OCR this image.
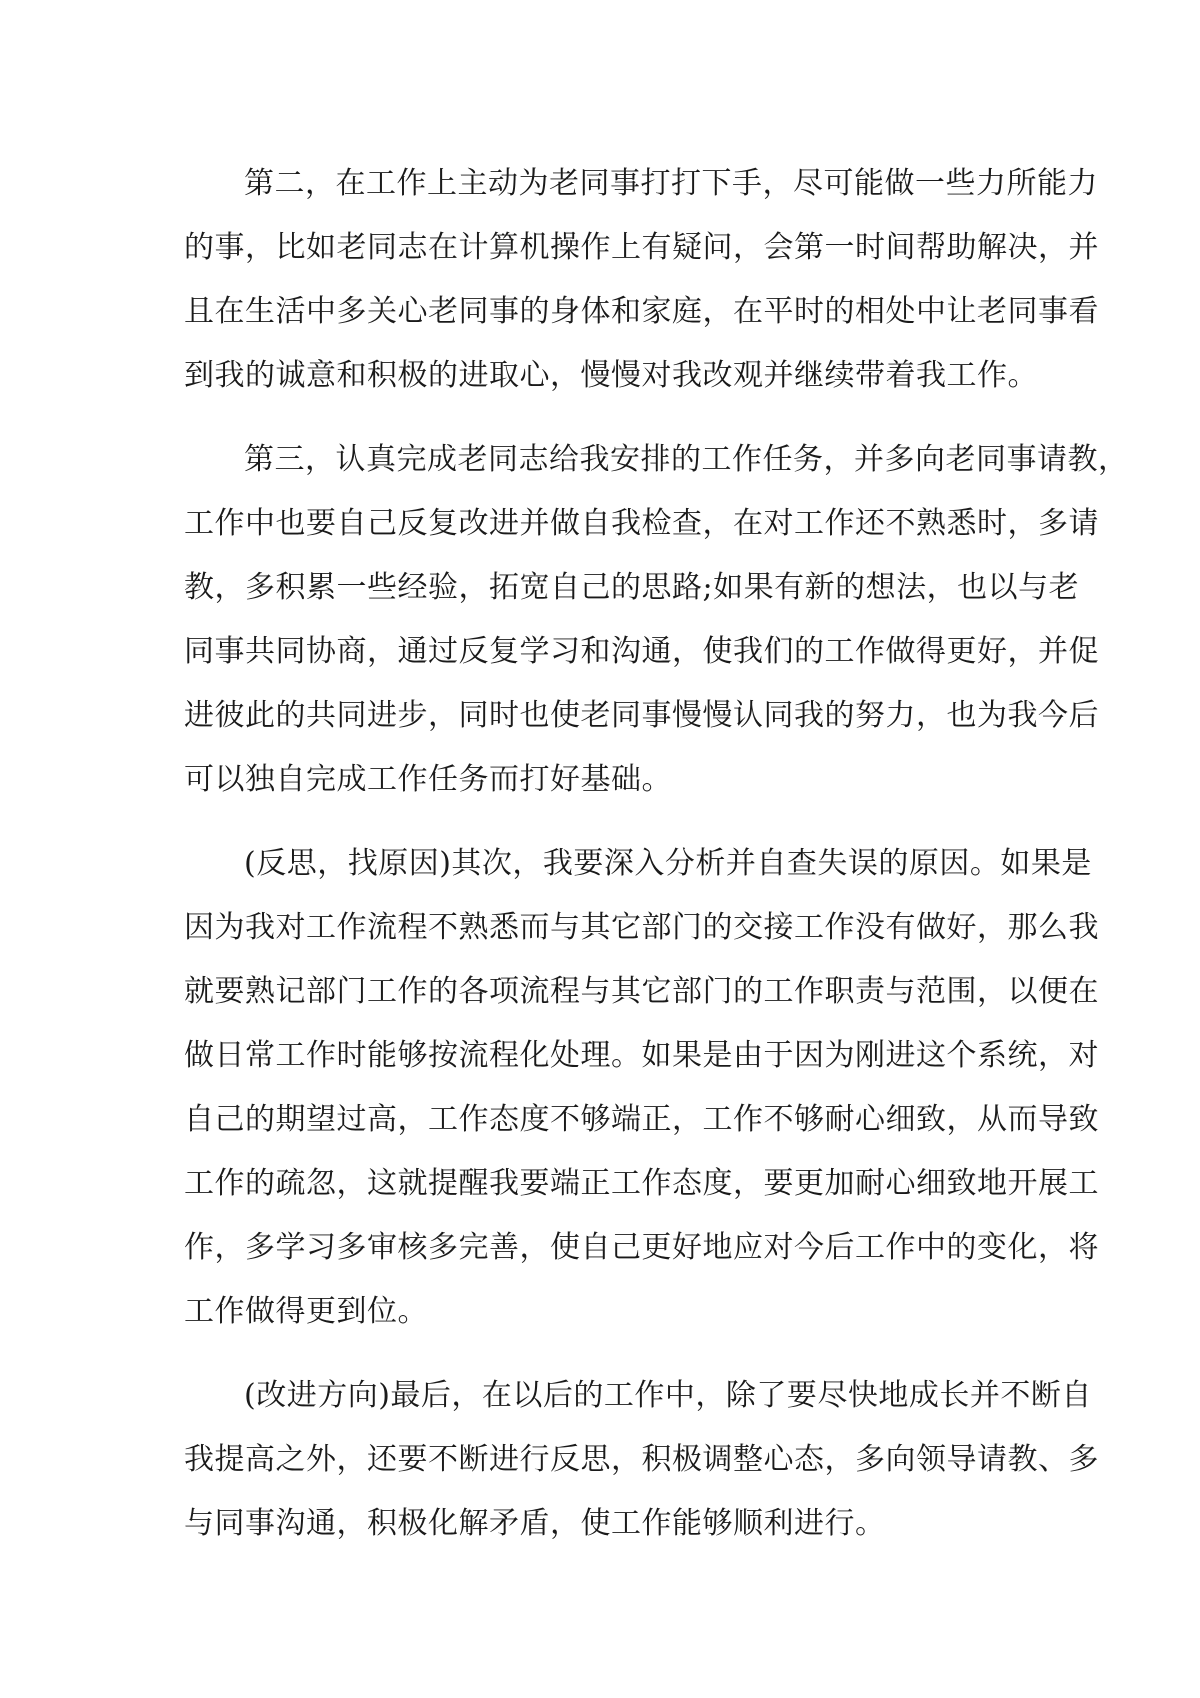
第二，在工作上主动为老同事打打下手，尽可能做一些力所能力
的事，比如老同志在计算机操作上有疑问，会第一时间帮助解决，并
且在生活中多关心老同事的身体和家庭，在平时的相处中让老同事看
到我的诚意和积极的进取心，慢慢对我改观并继续带着我工作。
第三，认真完成老同志给我安排的工作任务，并多向老同事请教，
工作中也要自己反复改进并做自我检查，在对工作还不熟悉时，多请
教，多积累一些经验，拓宽自己的思路;如果有新的想法，也以与老
同事共同协商，通过反复学习和沟通，使我们的工作做得更好，并促
进彼此的共同进步，同时也使老同事慢慢认同我的努力，也为我今后
可以独自完成工作任务而打好基础。
(反思，找原因)其次，我要深入分析并自查失误的原因。如果是
因为我对工作流程不熟悉而与其它部门的交接工作没有做好，那么我
就要熟记部门工作的各项流程与其它部门的工作职责与范围，以便在
做日常工作时能够按流程化处理。如果是由于因为刚进这个系统，对
自己的期望过高，工作态度不够端正，工作不够耐心细致，从而导致
工作的疏忽，这就提醒我要端正工作态度，要更加耐心细致地开展工
作，多学习多审核多完善，使自己更好地应对今后工作中的变化，将
工作做得更到位。
(改进方向)最后，在以后的工作中，除了要尽快地成长并不断自
我提高之外，还要不断进行反思，积极调整心态，多向领导请教、多
与同事沟通，积极化解矛盾，使工作能够顺利进行。
